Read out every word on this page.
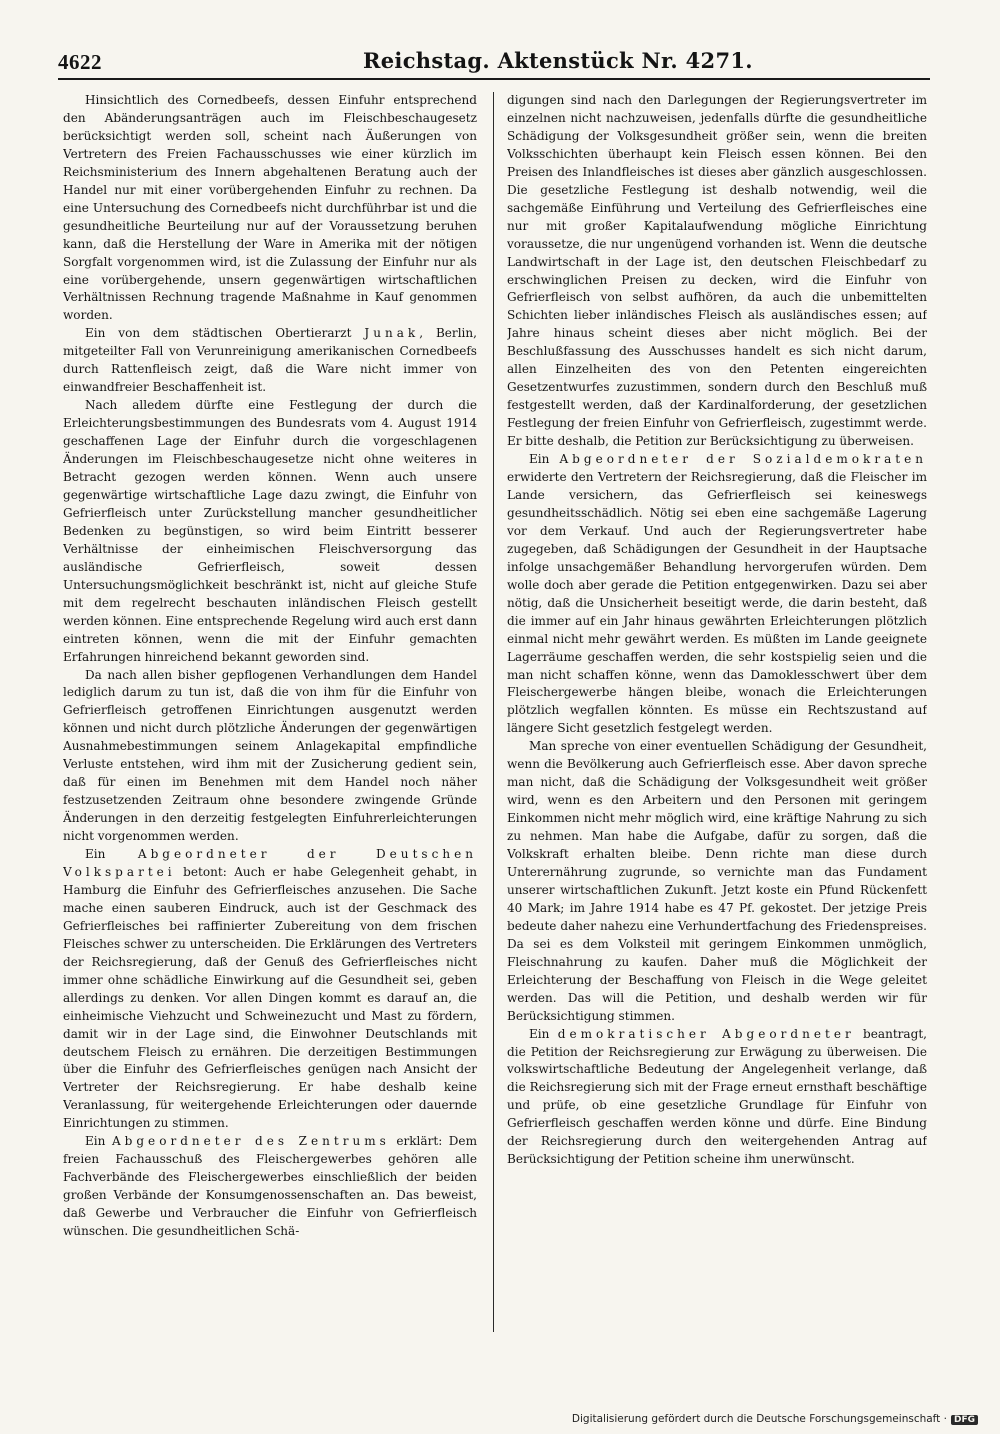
4622	Reichstag. Aktenstück Nr. 4271.

Hinsichtlich des Cornedbeefs, dessen Einfuhr entsprechend den Abänderungsanträgen auch im Fleischbeschaugesetz berücksichtigt werden soll, scheint nach Äußerungen von Vertretern des Freien Fachausschusses wie einer kürzlich im Reichsministerium des Innern abgehaltenen Beratung auch der Handel nur mit einer vorübergehenden Einfuhr zu rechnen. Da eine Untersuchung des Cornedbeefs nicht durchführbar ist und die gesundheitliche Beurteilung nur auf der Voraussetzung beruhen kann, daß die Herstellung der Ware in Amerika mit der nötigen Sorgfalt vorgenommen wird, ist die Zulassung der Einfuhr nur als eine vorübergehende, unsern gegenwärtigen wirtschaftlichen Verhältnissen Rechnung tragende Maßnahme in Kauf genommen worden.

Ein von dem städtischen Obertierarzt Junak, Berlin, mitgeteilter Fall von Verunreinigung amerikanischen Cornedbeefs durch Rattenfleisch zeigt, daß die Ware nicht immer von einwandfreier Beschaffenheit ist.

Nach alledem dürfte eine Festlegung der durch die Erleichterungsbestimmungen des Bundesrats vom 4. August 1914 geschaffenen Lage der Einfuhr durch die vorgeschlagenen Änderungen im Fleischbeschaugesetze nicht ohne weiteres in Betracht gezogen werden können. Wenn auch unsere gegenwärtige wirtschaftliche Lage dazu zwingt, die Einfuhr von Gefrierfleisch unter Zurückstellung mancher gesundheitlicher Bedenken zu begünstigen, so wird beim Eintritt besserer Verhältnisse der einheimischen Fleischversorgung das ausländische Gefrierfleisch, soweit dessen Untersuchungsmöglichkeit beschränkt ist, nicht auf gleiche Stufe mit dem regelrecht beschauten inländischen Fleisch gestellt werden können. Eine entsprechende Regelung wird auch erst dann eintreten können, wenn die mit der Einfuhr gemachten Erfahrungen hinreichend bekannt geworden sind.

Da nach allen bisher gepflogenen Verhandlungen dem Handel lediglich darum zu tun ist, daß die von ihm für die Einfuhr von Gefrierfleisch getroffenen Einrichtungen ausgenutzt werden können und nicht durch plötzliche Änderungen der gegenwärtigen Ausnahmebestimmungen seinem Anlagekapital empfindliche Verluste entstehen, wird ihm mit der Zusicherung gedient sein, daß für einen im Benehmen mit dem Handel noch näher festzusetzenden Zeitraum ohne besondere zwingende Gründe Änderungen in den derzeitig festgelegten Einfuhrerleichterungen nicht vorgenommen werden.

Ein Abgeordneter der Deutschen Volkspartei betont: Auch er habe Gelegenheit gehabt, in Hamburg die Einfuhr des Gefrierfleisches anzusehen. Die Sache mache einen sauberen Eindruck, auch ist der Geschmack des Gefrierfleisches bei raffinierter Zubereitung von dem frischen Fleisches schwer zu unterscheiden. Die Erklärungen des Vertreters der Reichsregierung, daß der Genuß des Gefrierfleisches nicht immer ohne schädliche Einwirkung auf die Gesundheit sei, geben allerdings zu denken. Vor allen Dingen kommt es darauf an, die einheimische Viehzucht und Schweinezucht und Mast zu fördern, damit wir in der Lage sind, die Einwohner Deutschlands mit deutschem Fleisch zu ernähren. Die derzeitigen Bestimmungen über die Einfuhr des Gefrierfleisches genügen nach Ansicht der Vertreter der Reichsregierung. Er habe deshalb keine Veranlassung, für weitergehende Erleichterungen oder dauernde Einrichtungen zu stimmen.

Ein Abgeordneter des Zentrums erklärt: Dem freien Fachausschuß des Fleischergewerbes gehören alle Fachverbände des Fleischergewerbes einschließlich der beiden großen Verbände der Konsumgenossenschaften an. Das beweist, daß Gewerbe und Verbraucher die Einfuhr von Gefrierfleisch wünschen. Die gesundheitlichen Schä-

digungen sind nach den Darlegungen der Regierungsvertreter im einzelnen nicht nachzuweisen, jedenfalls dürfte die gesundheitliche Schädigung der Volksgesundheit größer sein, wenn die breiten Volksschichten überhaupt kein Fleisch essen können. Bei den Preisen des Inlandfleisches ist dieses aber gänzlich ausgeschlossen. Die gesetzliche Festlegung ist deshalb notwendig, weil die sachgemäße Einführung und Verteilung des Gefrierfleisches eine nur mit großer Kapitalaufwendung mögliche Einrichtung voraussetze, die nur ungenügend vorhanden ist. Wenn die deutsche Landwirtschaft in der Lage ist, den deutschen Fleischbedarf zu erschwinglichen Preisen zu decken, wird die Einfuhr von Gefrierfleisch von selbst aufhören, da auch die unbemittelten Schichten lieber inländisches Fleisch als ausländisches essen; auf Jahre hinaus scheint dieses aber nicht möglich. Bei der Beschlußfassung des Ausschusses handelt es sich nicht darum, allen Einzelheiten des von den Petenten eingereichten Gesetzentwurfes zuzustimmen, sondern durch den Beschluß muß festgestellt werden, daß der Kardinalforderung, der gesetzlichen Festlegung der freien Einfuhr von Gefrierfleisch, zugestimmt werde. Er bitte deshalb, die Petition zur Berücksichtigung zu überweisen.

Ein Abgeordneter der Sozialdemokraten erwiderte den Vertretern der Reichsregierung, daß die Fleischer im Lande versichern, das Gefrierfleisch sei keineswegs gesundheitsschädlich. Nötig sei eben eine sachgemäße Lagerung vor dem Verkauf. Und auch der Regierungsvertreter habe zugegeben, daß Schädigungen der Gesundheit in der Hauptsache infolge unsachgemäßer Behandlung hervorgerufen würden. Dem wolle doch aber gerade die Petition entgegenwirken. Dazu sei aber nötig, daß die Unsicherheit beseitigt werde, die darin besteht, daß die immer auf ein Jahr hinaus gewährten Erleichterungen plötzlich einmal nicht mehr gewährt werden. Es müßten im Lande geeignete Lagerräume geschaffen werden, die sehr kostspielig seien und die man nicht schaffen könne, wenn das Damoklesschwert über dem Fleischergewerbe hängen bleibe, wonach die Erleichterungen plötzlich wegfallen könnten. Es müsse ein Rechtszustand auf längere Sicht gesetzlich festgelegt werden.

Man spreche von einer eventuellen Schädigung der Gesundheit, wenn die Bevölkerung auch Gefrierfleisch esse. Aber davon spreche man nicht, daß die Schädigung der Volksgesundheit weit größer wird, wenn es den Arbeitern und den Personen mit geringem Einkommen nicht mehr möglich wird, eine kräftige Nahrung zu sich zu nehmen. Man habe die Aufgabe, dafür zu sorgen, daß die Volkskraft erhalten bleibe. Denn richte man diese durch Unterernährung zugrunde, so vernichte man das Fundament unserer wirtschaftlichen Zukunft. Jetzt koste ein Pfund Rückenfett 40 Mark; im Jahre 1914 habe es 47 Pf. gekostet. Der jetzige Preis bedeute daher nahezu eine Verhundertfachung des Friedenspreises. Da sei es dem Volksteil mit geringem Einkommen unmöglich, Fleischnahrung zu kaufen. Daher muß die Möglichkeit der Erleichterung der Beschaffung von Fleisch in die Wege geleitet werden. Das will die Petition, und deshalb werden wir für Berücksichtigung stimmen.

Ein demokratischer Abgeordneter beantragt, die Petition der Reichsregierung zur Erwägung zu überweisen. Die volkswirtschaftliche Bedeutung der Angelegenheit verlange, daß die Reichsregierung sich mit der Frage erneut ernsthaft beschäftige und prüfe, ob eine gesetzliche Grundlage für Einfuhr von Gefrierfleisch geschaffen werden könne und dürfe. Eine Bindung der Reichsregierung durch den weitergehenden Antrag auf Berücksichtigung der Petition scheine ihm unerwünscht.

Digitalisierung gefördert durch die Deutsche Forschungsgemeinschaft · DFG
